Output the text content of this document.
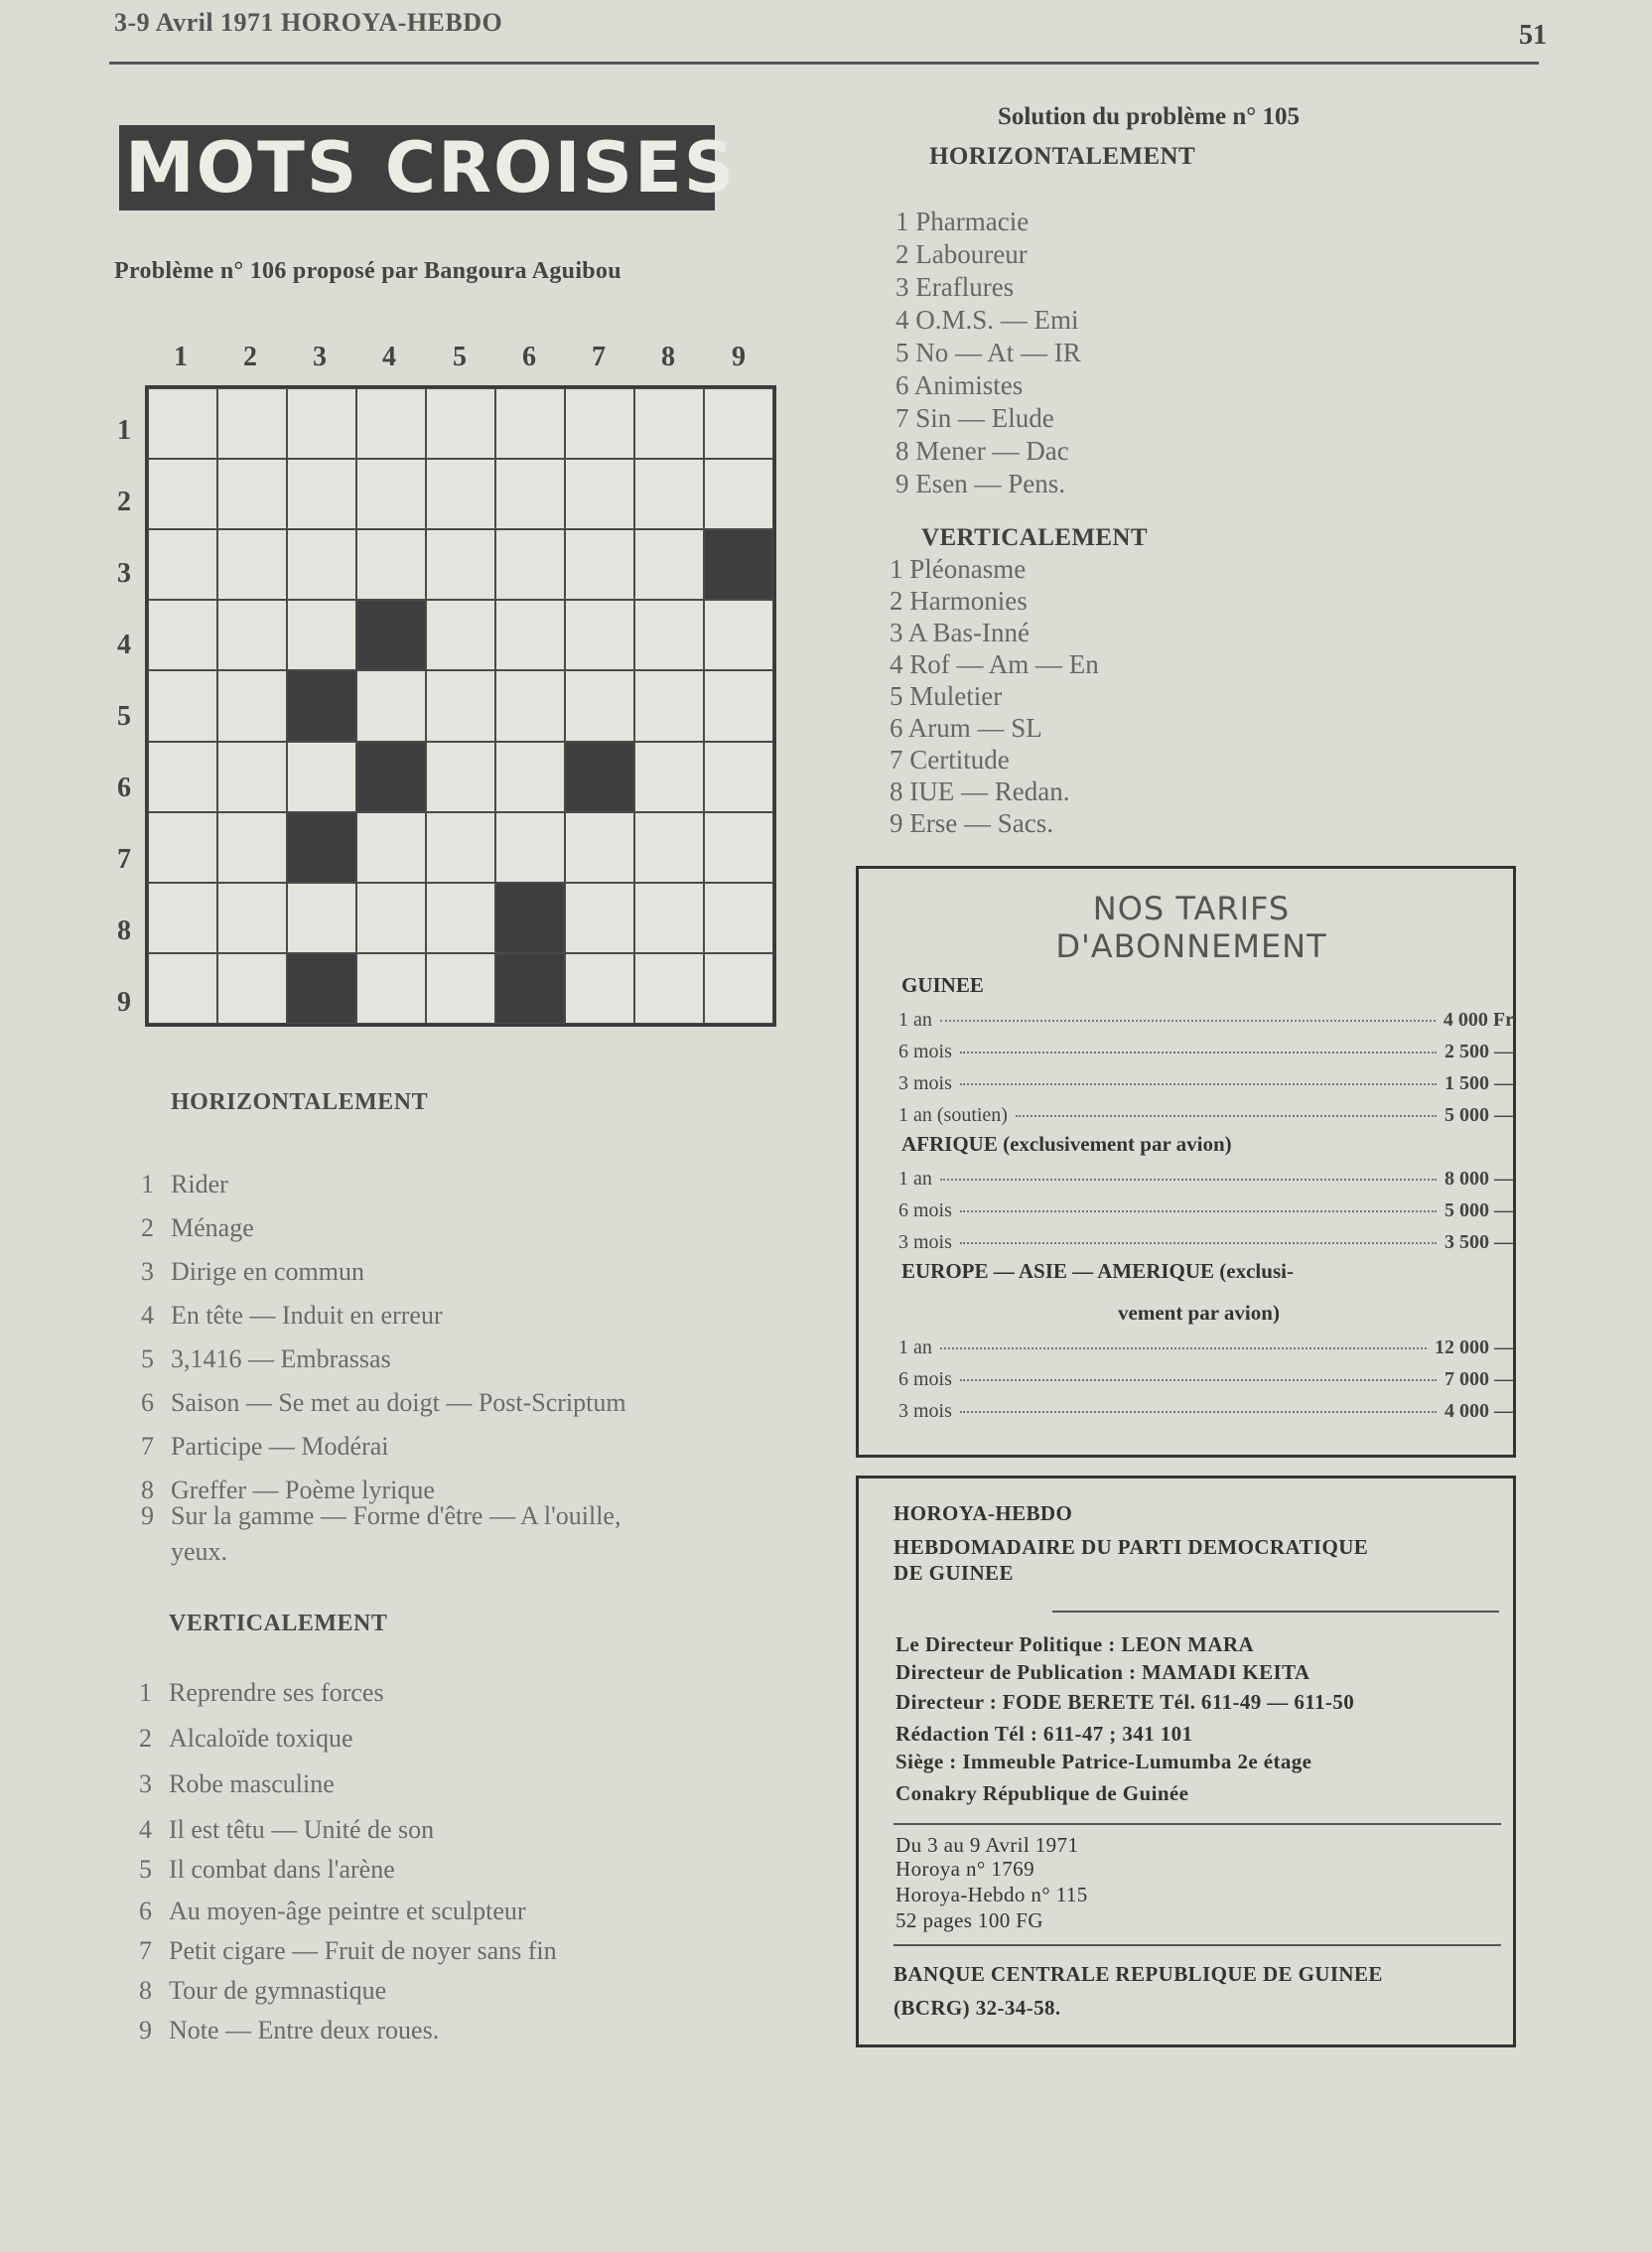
3-9 Avril 1971 HOROYA-HEBDO	51
MOTS CROISES
Problème n° 106 proposé par Bangoura Aguibou
1	2	3	4	5	6	7	8	9
1
2
3
4
5
6
7
8
9
HORIZONTALEMENT
1 Rider
2 Ménage
3 Dirige en commun
4 En tête — Induit en erreur
5 3,1416 — Embrassas
6 Saison — Se met au doigt — Post-Scriptum
7 Participe — Modérai
8 Greffer — Poème lyrique
9 Sur la gamme — Forme d'être — A l'ouille,
yeux.
VERTICALEMENT
1 Reprendre ses forces
2 Alcaloïde toxique
3 Robe masculine
4 Il est têtu — Unité de son
5 Il combat dans l'arène
6 Au moyen-âge peintre et sculpteur
7 Petit cigare — Fruit de noyer sans fin
8 Tour de gymnastique
9 Note — Entre deux roues.
Solution du problème n° 105
HORIZONTALEMENT
1 Pharmacie
2 Laboureur
3 Eraflures
4 O.M.S. — Emi
5 No — At — IR
6 Animistes
7 Sin — Elude
8 Mener — Dac
9 Esen — Pens.
VERTICALEMENT
1 Pléonasme
2 Harmonies
3 A Bas-Inné
4 Rof — Am — En
5 Muletier
6 Arum — SL
7 Certitude
8 IUE — Redan.
9 Erse — Sacs.
NOS TARIFS D'ABONNEMENT
GUINEE
1 an	4 000 Fr
6 mois	2 500 —
3 mois	1 500 —
1 an (soutien)	5 000 —
AFRIQUE (exclusivement par avion)
1 an	8 000 —
6 mois	5 000 —
3 mois	3 500 —
EUROPE — ASIE — AMERIQUE (exclusi-
vement par avion)
1 an	12 000 —
6 mois	7 000 —
3 mois	4 000 —
HOROYA-HEBDO
HEBDOMADAIRE DU PARTI DEMOCRATIQUE
DE GUINEE
Le Directeur Politique : LEON MARA
Directeur de Publication : MAMADI KEITA
Directeur : FODE BERETE Tél. 611-49 — 611-50
Rédaction Tél : 611-47 ; 341 101
Siège : Immeuble Patrice-Lumumba 2e étage
Conakry République de Guinée
Du 3 au 9 Avril 1971
Horoya n° 1769
Horoya-Hebdo n° 115
52 pages 100 FG
BANQUE CENTRALE REPUBLIQUE DE GUINEE
(BCRG) 32-34-58.
